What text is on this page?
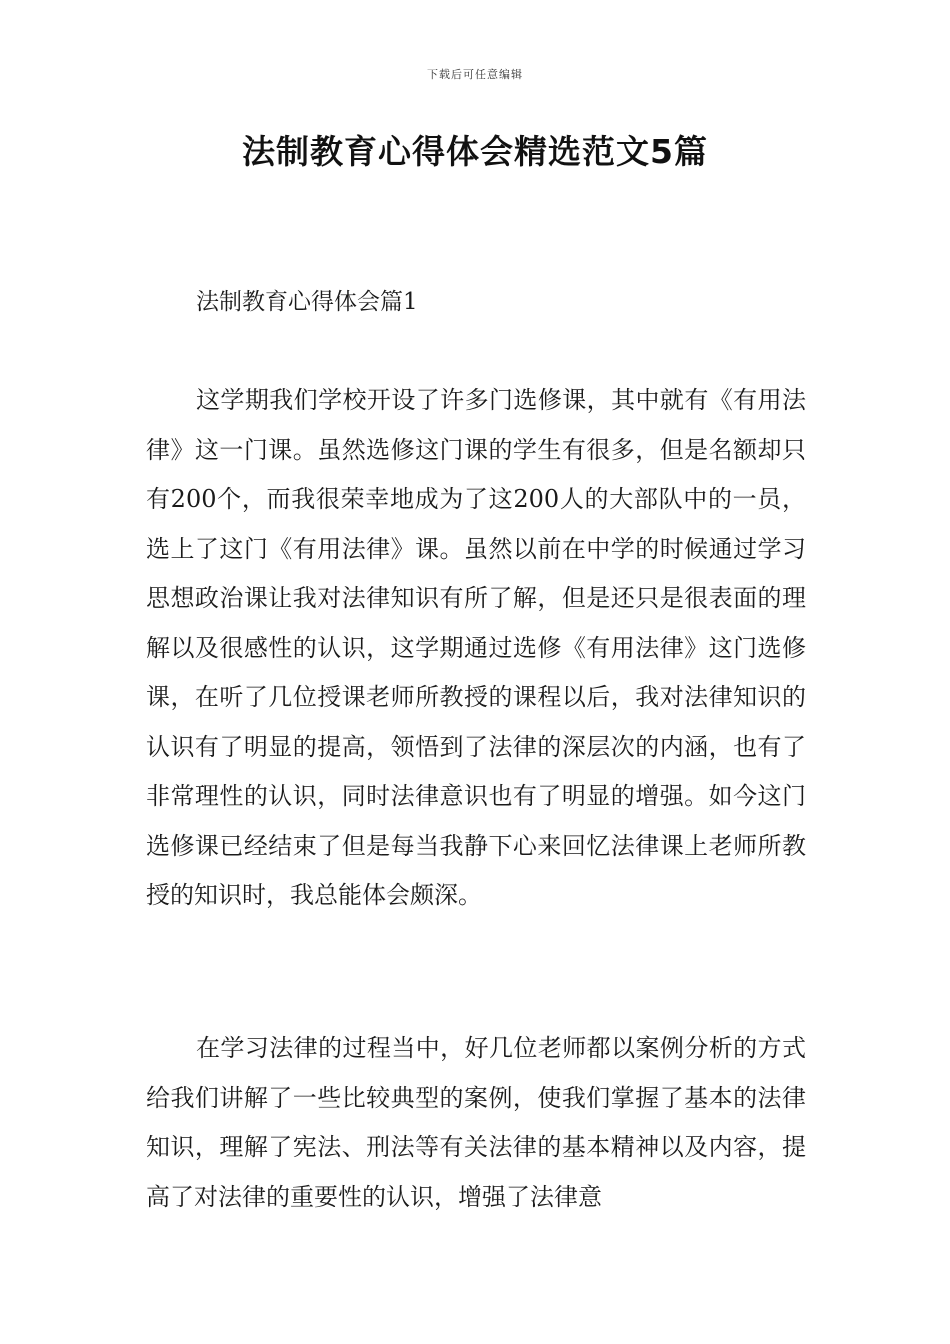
下载后可任意编辑
法制教育心得体会精选范文5篇
法制教育心得体会篇1

这学期我们学校开设了许多门选修课，其中就有《有用法律》这一门课。虽然选修这门课的学生有很多，但是名额却只有200个，而我很荣幸地成为了这200人的大部队中的一员，选上了这门《有用法律》课。虽然以前在中学的时候通过学习思想政治课让我对法律知识有所了解，但是还只是很表面的理解以及很感性的认识，这学期通过选修《有用法律》这门选修课，在听了几位授课老师所教授的课程以后，我对法律知识的认识有了明显的提高，领悟到了法律的深层次的内涵，也有了非常理性的认识，同时法律意识也有了明显的增强。如今这门选修课已经结束了但是每当我静下心来回忆法律课上老师所教授的知识时，我总能体会颇深。

在学习法律的过程当中，好几位老师都以案例分析的方式给我们讲解了一些比较典型的案例，使我们掌握了基本的法律知识，理解了宪法、刑法等有关法律的基本精神以及内容，提高了对法律的重要性的认识，增强了法律意
